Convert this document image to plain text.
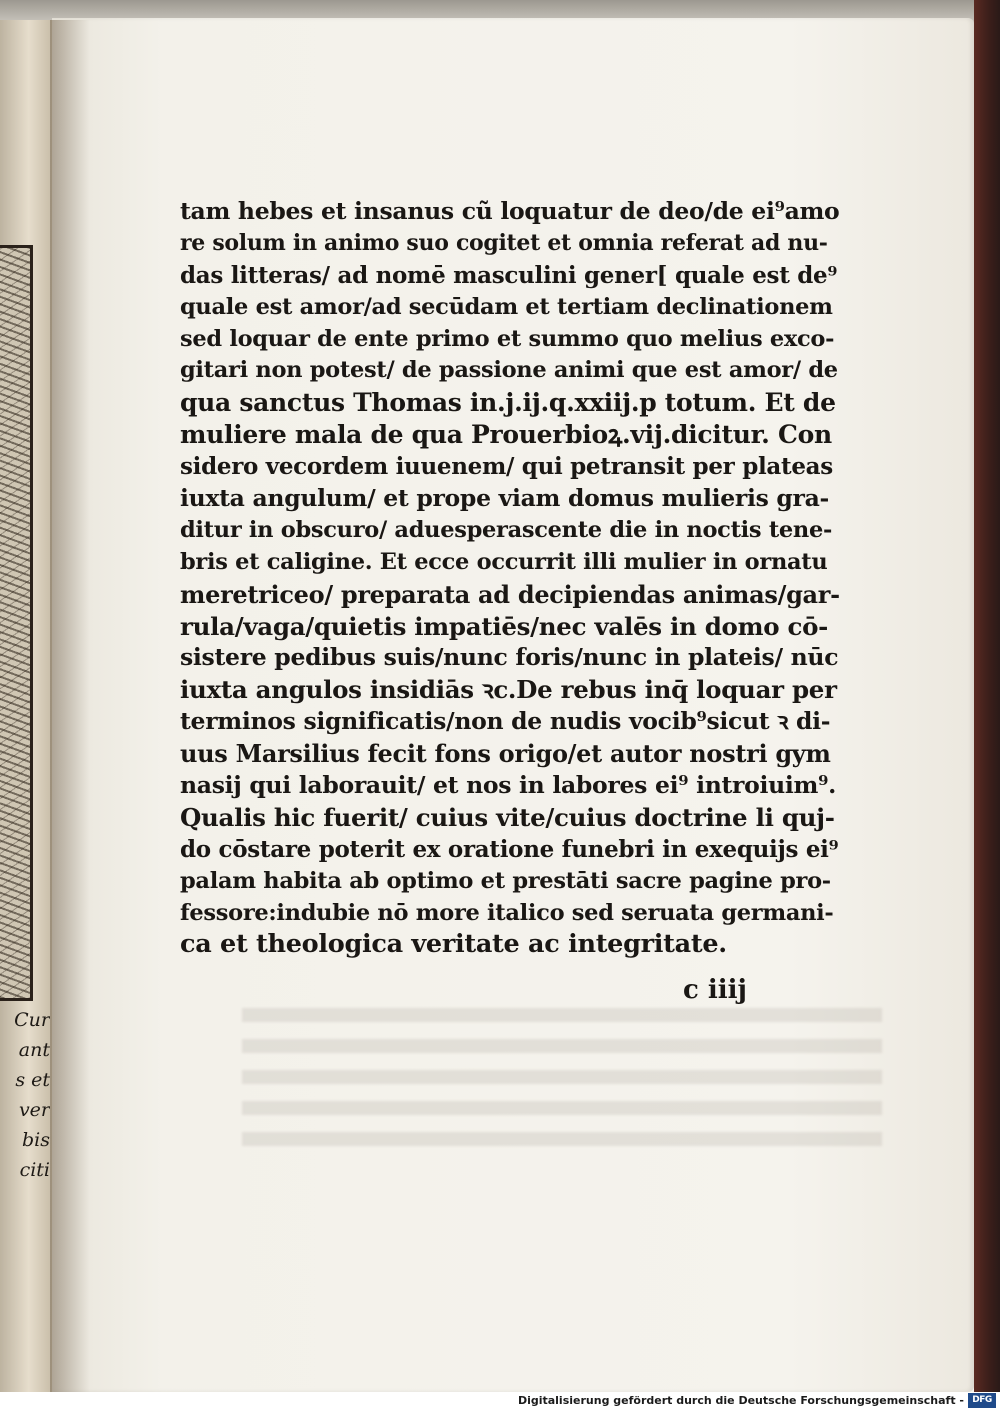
Cur
ant
s et
ver
bis
citi
tam hebes et insanus cũ loquatur de deo/de ei⁹amo
re solum in animo suo cogitet et omnia referat ad nu-
das litteras/ ad nomē masculini gener[ quale est de⁹
quale est amor/ad secūdam et tertiam declinationem
sed loquar de ente primo et summo quo melius exco-
gitari non potest/ de passione animi que est amor/ de
qua sanctus Thomas in.j.ij.q.xxiij.p totum. Et de
muliere mala de qua Prouerbioꝝ.vij.dicitur. Con
sidero vecordem iuuenem/ qui petransit per plateas
iuxta angulum/ et prope viam domus mulieris gra-
ditur in obscuro/ aduesperascente die in noctis tene-
bris et caligine. Et ecce occurrit illi mulier in ornatu
meretriceo/ preparata ad decipiendas animas/gar-
rula/vaga/quietis impatiēs/nec valēs in domo cō-
sistere pedibus suis/nunc foris/nunc in plateis/ nūc
iuxta angulos insidiās ꝛc.De rebus inq̄ loquar per
terminos significatis/non de nudis vocib⁹sicut ꝛ di-
uus Marsilius fecit fons origo/et autor nostri gym
nasij qui laborauit/ et nos in labores ei⁹ introiuim⁹.
Qualis hic fuerit/ cuius vite/cuius doctrine li quj-
do cōstare poterit ex oratione funebri in exequijs ei⁹
palam habita ab optimo et prestāti sacre pagine pro-
fessore:indubie nō more italico sed seruata germani-
ca et theologica veritate ac integritate.
c iiij
Digitalisierung gefördert durch die Deutsche Forschungsgemeinschaft - DFG
